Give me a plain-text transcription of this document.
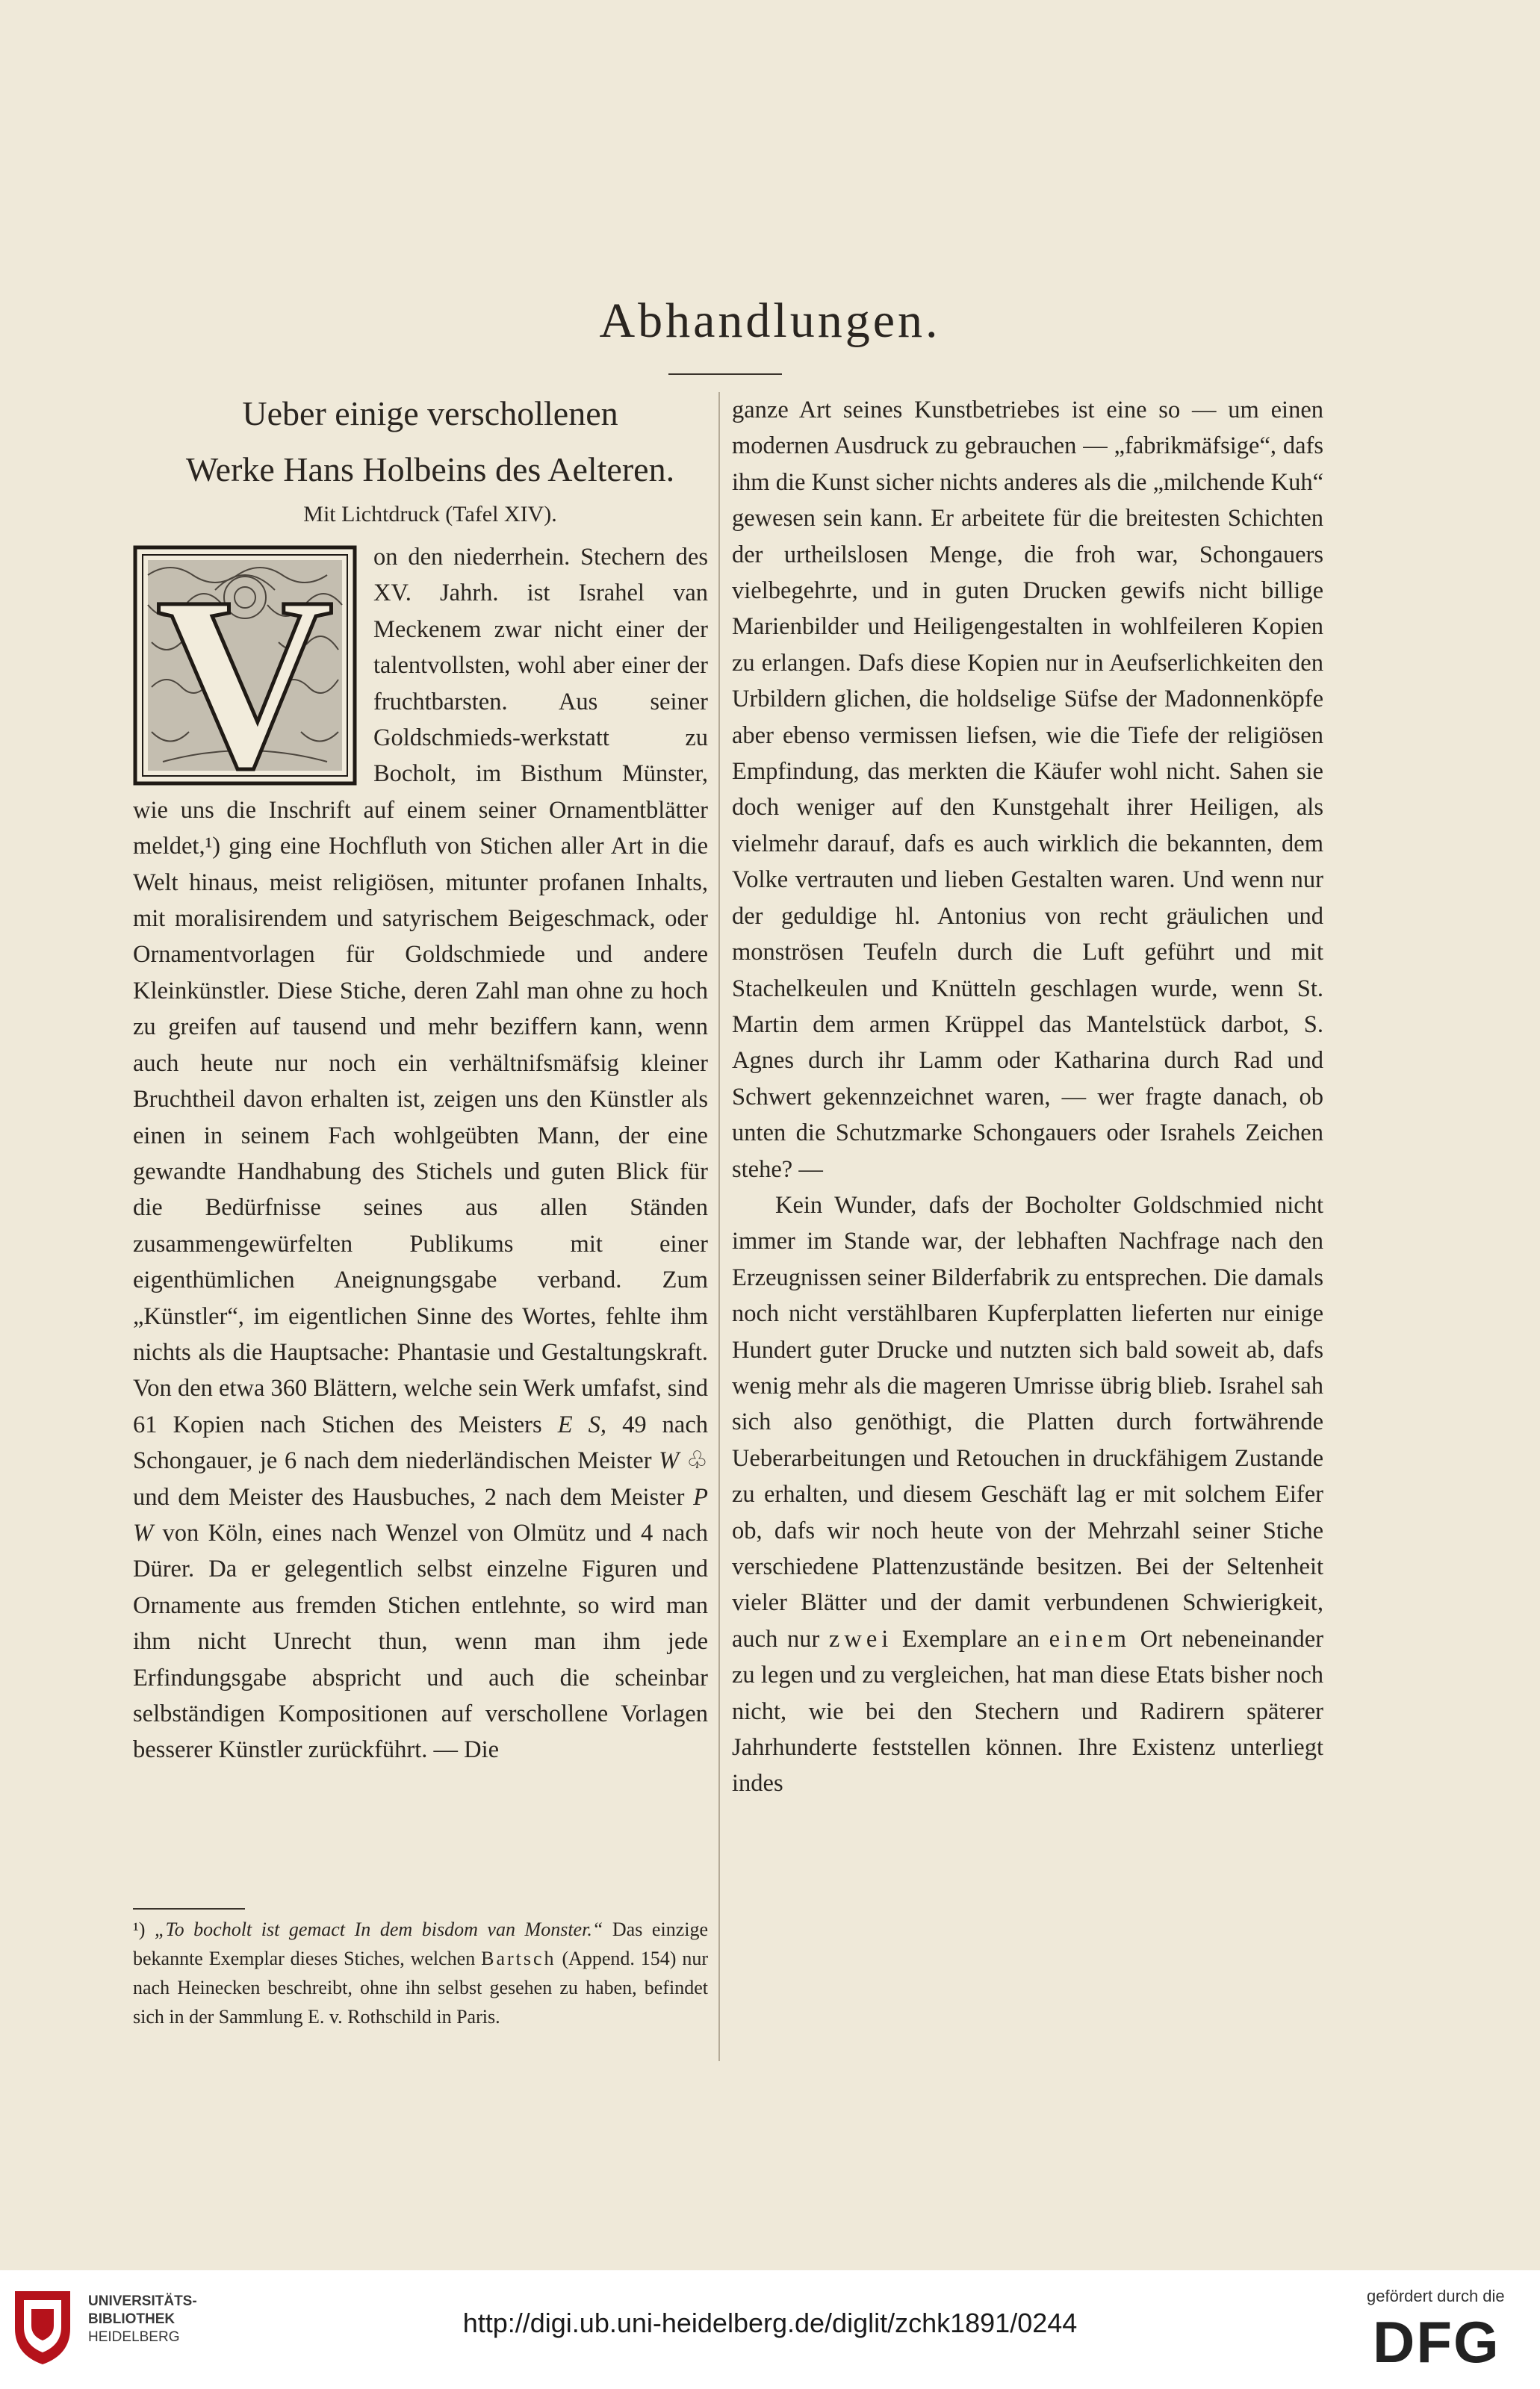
Abhandlungen.
Ueber einige verschollenen
Werke Hans Holbeins des Aelteren.
Mit Lichtdruck (Tafel XIV).
V	on den niederrhein. Stechern des XV. Jahrh. ist Israhel van Meckenem zwar nicht einer der talentvollsten, wohl aber einer der fruchtbarsten. Aus seiner Goldschmieds-werkstatt zu Bocholt, im Bisthum Münster, wie uns die Inschrift auf einem seiner Ornamentblätter meldet,¹) ging eine Hochfluth von Stichen aller Art in die Welt hinaus, meist religiösen, mitunter profanen Inhalts, mit moralisirendem und satyrischem Beigeschmack, oder Ornamentvorlagen für Goldschmiede und andere Kleinkünstler. Diese Stiche, deren Zahl man ohne zu hoch zu greifen auf tausend und mehr beziffern kann, wenn auch heute nur noch ein verhältnifsmäfsig kleiner Bruchtheil davon erhalten ist, zeigen uns den Künstler als einen in seinem Fach wohlgeübten Mann, der eine gewandte Handhabung des Stichels und guten Blick für die Bedürfnisse seines aus allen Ständen zusammengewürfelten Publikums mit einer eigenthümlichen Aneignungsgabe verband. Zum „Künstler“, im eigentlichen Sinne des Wortes, fehlte ihm nichts als die Hauptsache: Phantasie und Gestaltungskraft. Von den etwa 360 Blättern, welche sein Werk umfafst, sind 61 Kopien nach Stichen des Meisters E S, 49 nach Schongauer, je 6 nach dem niederländischen Meister W ♧ und dem Meister des Hausbuches, 2 nach dem Meister P W von Köln, eines nach Wenzel von Olmütz und 4 nach Dürer. Da er gelegentlich selbst einzelne Figuren und Ornamente aus fremden Stichen entlehnte, so wird man ihm nicht Unrecht thun, wenn man ihm jede Erfindungsgabe abspricht und auch die scheinbar selbständigen Kompositionen auf verschollene Vorlagen besserer Künstler zurückführt. — Die

¹) „To bocholt ist gemact In dem bisdom van Monster.“ Das einzige bekannte Exemplar dieses Stiches, welchen Bartsch (Append. 154) nur nach Heinecken beschreibt, ohne ihn selbst gesehen zu haben, befindet sich in der Sammlung E. v. Rothschild in Paris.

ganze Art seines Kunstbetriebes ist eine so — um einen modernen Ausdruck zu gebrauchen — „fabrikmäfsige“, dafs ihm die Kunst sicher nichts anderes als die „milchende Kuh“ gewesen sein kann. Er arbeitete für die breitesten Schichten der urtheilslosen Menge, die froh war, Schongauers vielbegehrte, und in guten Drucken gewifs nicht billige Marienbilder und Heiligengestalten in wohlfeileren Kopien zu erlangen. Dafs diese Kopien nur in Aeufserlichkeiten den Urbildern glichen, die holdselige Süfse der Madonnenköpfe aber ebenso vermissen liefsen, wie die Tiefe der religiösen Empfindung, das merkten die Käufer wohl nicht. Sahen sie doch weniger auf den Kunstgehalt ihrer Heiligen, als vielmehr darauf, dafs es auch wirklich die bekannten, dem Volke vertrauten und lieben Gestalten waren. Und wenn nur der geduldige hl. Antonius von recht gräulichen und monströsen Teufeln durch die Luft geführt und mit Stachelkeulen und Knütteln geschlagen wurde, wenn St. Martin dem armen Krüppel das Mantelstück darbot, S. Agnes durch ihr Lamm oder Katharina durch Rad und Schwert gekennzeichnet waren, — wer fragte danach, ob unten die Schutzmarke Schongauers oder Israhels Zeichen stehe? —

Kein Wunder, dafs der Bocholter Goldschmied nicht immer im Stande war, der lebhaften Nachfrage nach den Erzeugnissen seiner Bilderfabrik zu entsprechen. Die damals noch nicht verstählbaren Kupferplatten lieferten nur einige Hundert guter Drucke und nutzten sich bald soweit ab, dafs wenig mehr als die mageren Umrisse übrig blieb. Israhel sah sich also genöthigt, die Platten durch fortwährende Ueberarbeitungen und Retouchen in druckfähigem Zustande zu erhalten, und diesem Geschäft lag er mit solchem Eifer ob, dafs wir noch heute von der Mehrzahl seiner Stiche verschiedene Plattenzustände besitzen. Bei der Seltenheit vieler Blätter und der damit verbundenen Schwierigkeit, auch nur zwei Exemplare an einem Ort nebeneinander zu legen und zu vergleichen, hat man diese Etats bisher noch nicht, wie bei den Stechern und Radirern späterer Jahrhunderte feststellen können. Ihre Existenz unterliegt indes

UNIVERSITÄTS-
BIBLIOTHEK
HEIDELBERG	http://digi.ub.uni-heidelberg.de/diglit/zchk1891/0244
gefördert durch die
DFG
